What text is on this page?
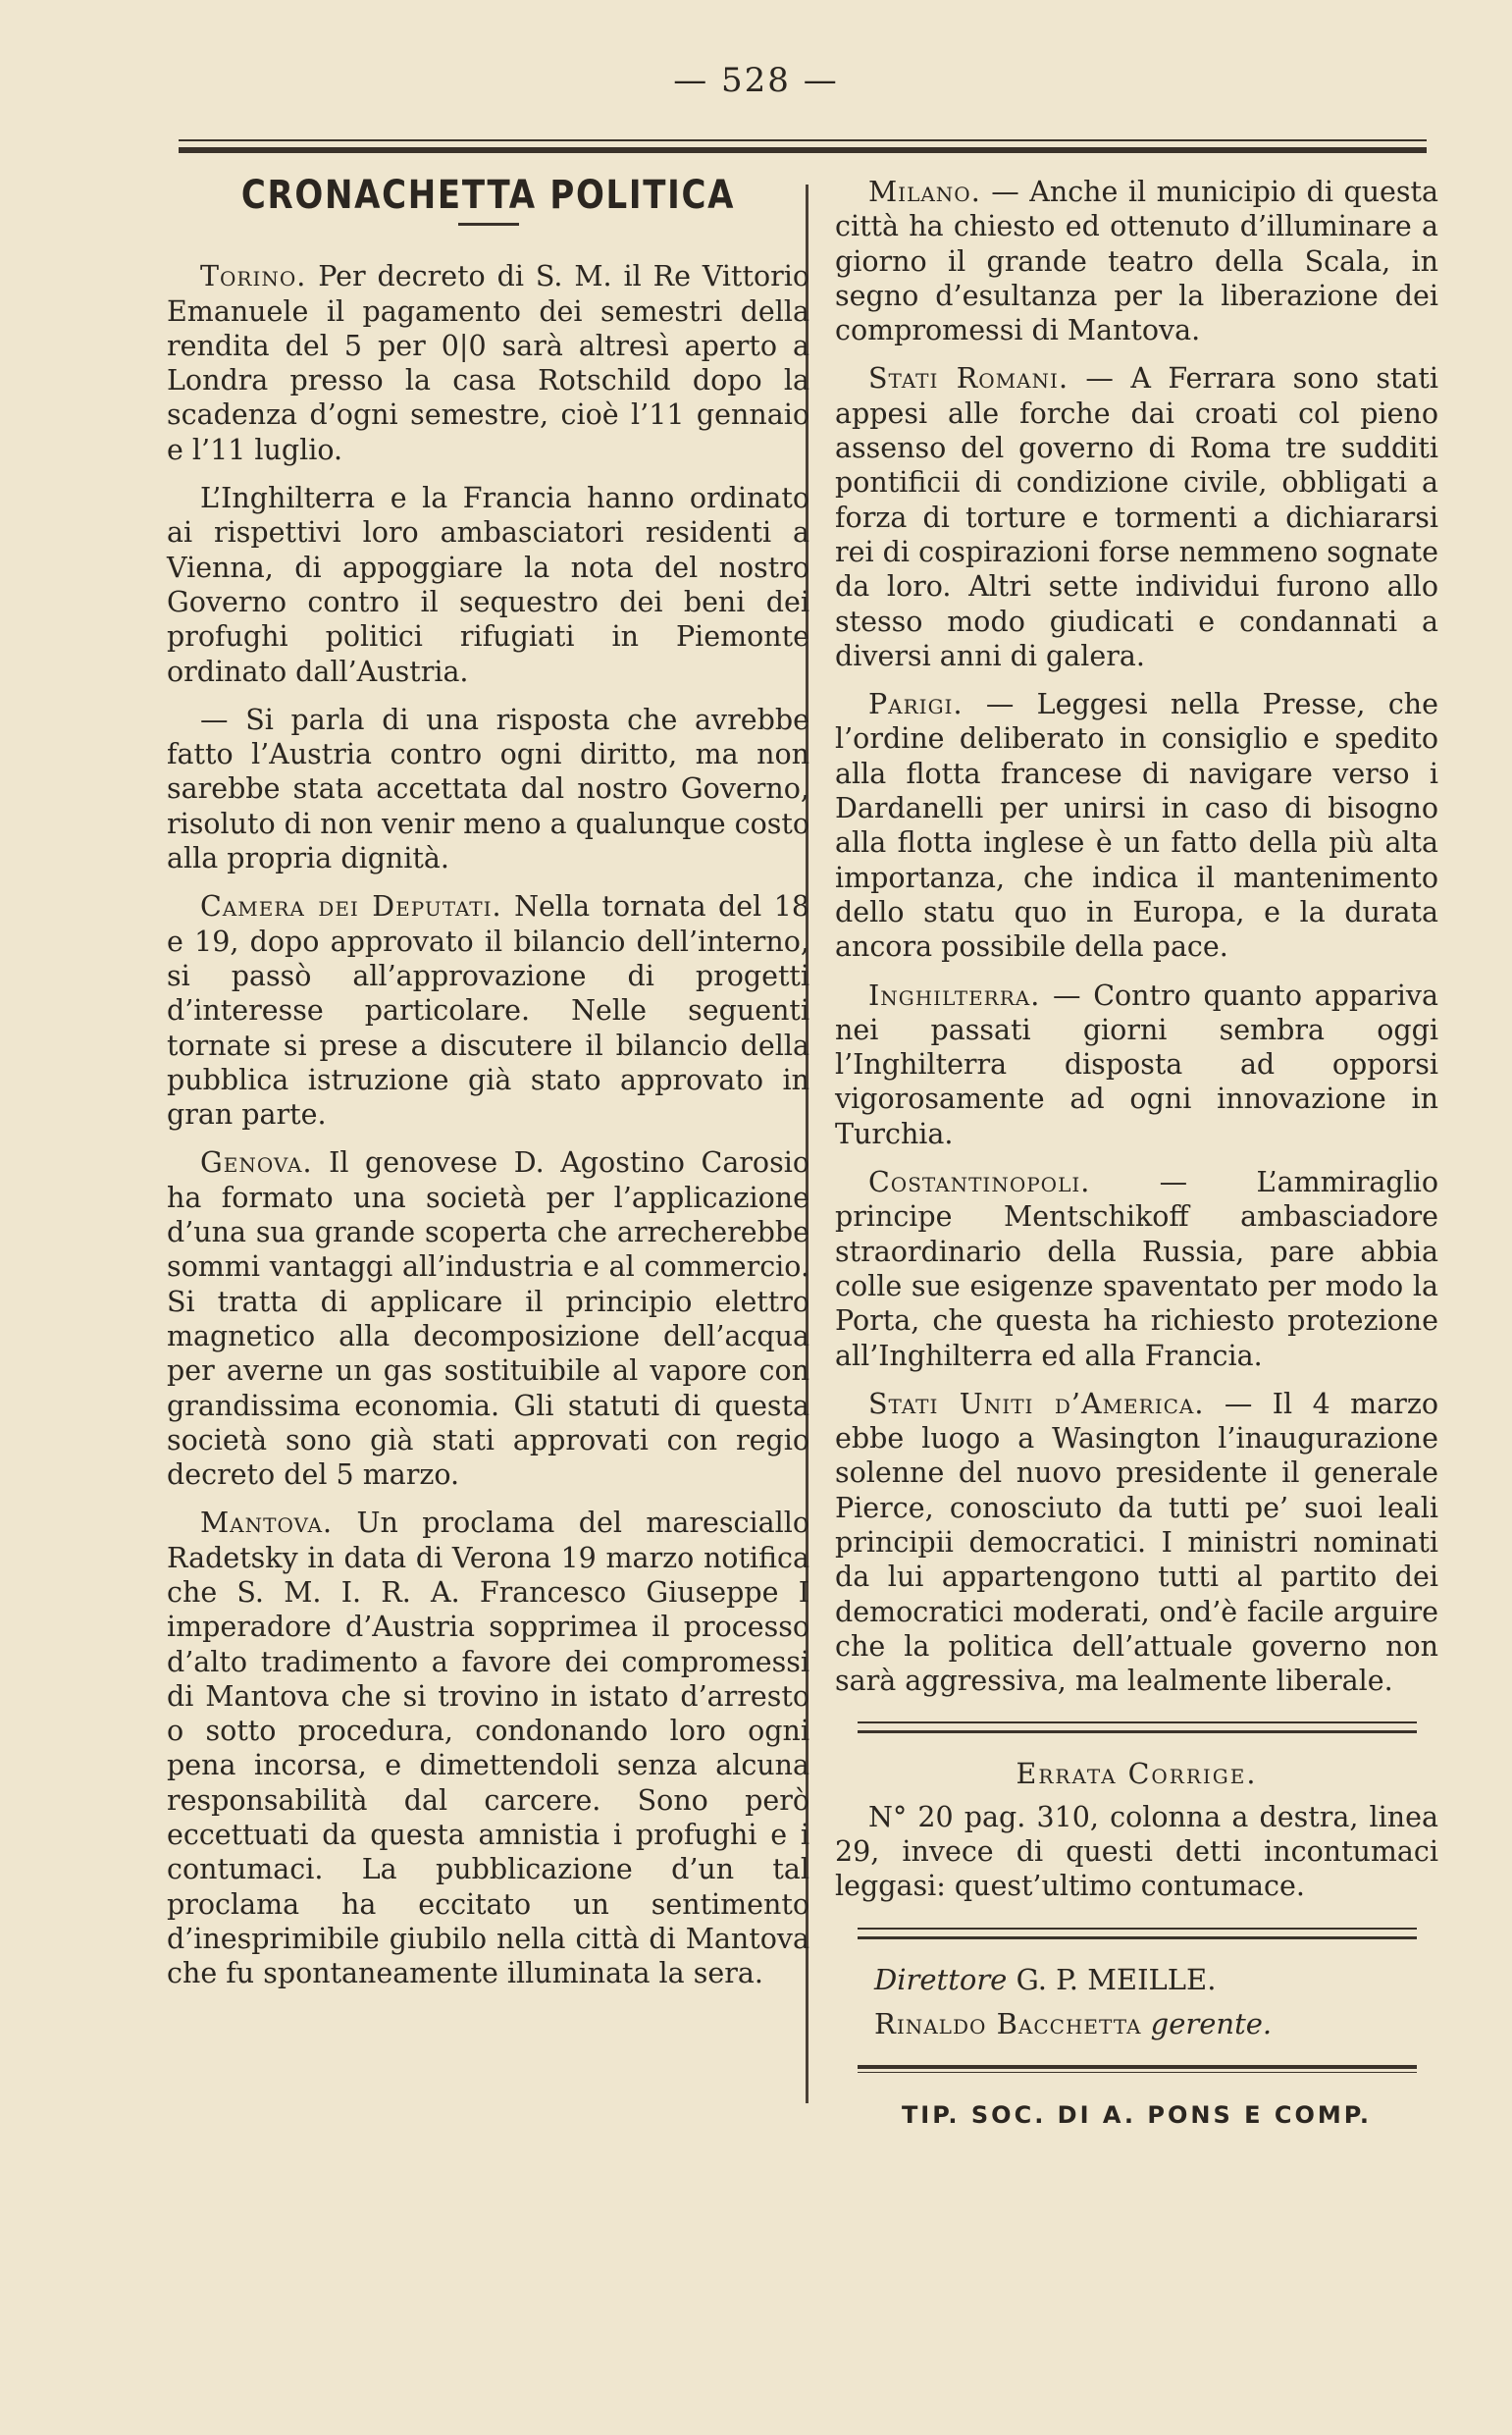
— 528 —
CRONACHETTA POLITICA

Torino. Per decreto di S. M. il Re Vittorio Emanuele il pagamento dei semestri della rendita del 5 per 0|0 sarà altresì aperto a Londra presso la casa Rotschild dopo la scadenza d’ogni semestre, cioè l’11 gennaio e l’11 luglio.

L’Inghilterra e la Francia hanno ordinato ai rispettivi loro ambasciatori residenti a Vienna, di appoggiare la nota del nostro Governo contro il sequestro dei beni dei profughi politici rifugiati in Piemonte ordinato dall’Austria.

— Si parla di una risposta che avrebbe fatto l’Austria contro ogni diritto, ma non sarebbe stata accettata dal nostro Governo, risoluto di non venir meno a qualunque costo alla propria dignità.

Camera dei Deputati. Nella tornata del 18 e 19, dopo approvato il bilancio dell’interno, si passò all’approvazione di progetti d’interesse particolare. Nelle seguenti tornate si prese a discutere il bilancio della pubblica istruzione già stato approvato in gran parte.

Genova. Il genovese D. Agostino Carosio ha formato una società per l’applicazione d’una sua grande scoperta che arrecherebbe sommi vantaggi all’industria e al commercio. Si tratta di applicare il principio elettro magnetico alla decomposizione dell’acqua per averne un gas sostituibile al vapore con grandissima economia. Gli statuti di questa società sono già stati approvati con regio decreto del 5 marzo.

Mantova. Un proclama del maresciallo Radetsky in data di Verona 19 marzo notifica che S. M. I. R. A. Francesco Giuseppe I imperadore d’Austria sopprimea il processo d’alto tradimento a favore dei compromessi di Mantova che si trovino in istato d’arresto o sotto procedura, condonando loro ogni pena incorsa, e dimettendoli senza alcuna responsabilità dal carcere. Sono però eccettuati da questa amnistia i profughi e i contumaci. La pubblicazione d’un tal proclama ha eccitato un sentimento d’inesprimibile giubilo nella città di Mantova che fu spontaneamente illuminata la sera.

Milano. — Anche il municipio di questa città ha chiesto ed ottenuto d’illuminare a giorno il grande teatro della Scala, in segno d’esultanza per la liberazione dei compromessi di Mantova.

Stati Romani. — A Ferrara sono stati appesi alle forche dai croati col pieno assenso del governo di Roma tre sudditi pontificii di condizione civile, obbligati a forza di torture e tormenti a dichiararsi rei di cospirazioni forse nemmeno sognate da loro. Altri sette individui furono allo stesso modo giudicati e condannati a diversi anni di galera.

Parigi. — Leggesi nella Presse, che l’ordine deliberato in consiglio e spedito alla flotta francese di navigare verso i Dardanelli per unirsi in caso di bisogno alla flotta inglese è un fatto della più alta importanza, che indica il mantenimento dello statu quo in Europa, e la durata ancora possibile della pace.

Inghilterra. — Contro quanto appariva nei passati giorni sembra oggi l’Inghilterra disposta ad opporsi vigorosamente ad ogni innovazione in Turchia.

Costantinopoli. — L’ammiraglio principe Mentschikoff ambasciadore straordinario della Russia, pare abbia colle sue esigenze spaventato per modo la Porta, che questa ha richiesto protezione all’Inghilterra ed alla Francia.

Stati Uniti d’America. — Il 4 marzo ebbe luogo a Wasington l’inaugurazione solenne del nuovo presidente il generale Pierce, conosciuto da tutti pe’ suoi leali principii democratici. I ministri nominati da lui appartengono tutti al partito dei democratici moderati, ond’è facile arguire che la politica dell’attuale governo non sarà aggressiva, ma lealmente liberale.

Errata Corrige.

N° 20 pag. 310, colonna a destra, linea 29, invece di questi detti incontumaci leggasi: quest’ultimo contumace.

Direttore G. P. MEILLE.

Rinaldo Bacchetta gerente.

TIP. SOC. DI A. PONS E COMP.
